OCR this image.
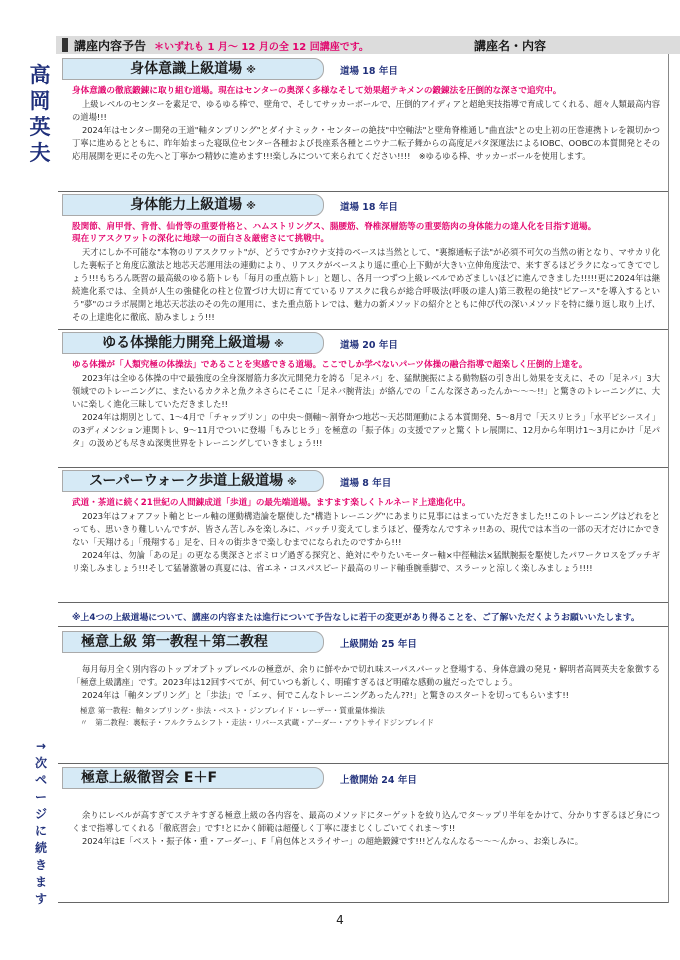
講座内容予告 ＊いずれも 1 月～ 12 月の全 12 回講座です。	講座名・内容
高
岡
英
夫
→
次
ペ
ー
ジ
に
続
き
ま
す
身体意識上級道場 ※	道場 18 年目
身体意識の徹底鍛錬に取り組む道場。現在はセンターの奥深く多様なそして効果超テキメンの鍛錬法を圧倒的な深さで追究中。

上級レベルのセンターを素足で、ゆるゆる棒で、壁角で、そしてサッカーボールで、圧倒的アイディアと超絶実技指導で育成してくれる、超々人類最高内容の道場!!!

2024年はセンター開発の王道"軸タンブリング"とダイナミック・センターの絶技"中空軸法"と壁角脊椎通し"曲直法"との史上初の圧巻連携トレを親切かつ丁寧に進めるとともに、昨年始まった寝臥位センター各種および長座系各種とニウナ二転子舞からの高度足パタ深運法によるIOBC、OOBCの本質開発とその応用展開を更にその先へと丁寧かつ精妙に進めます!!!楽しみについて来られてください!!!!　※ゆるゆる棒、サッカーボールを使用します。

身体能力上級道場 ※	道場 18 年目
股関節、肩甲骨、背骨、仙骨等の重要骨格と、ハムストリングス、腸腰筋、脊椎深層筋等の重要筋肉の身体能力の達人化を目指す道場。
現在リアスクワットの深化に地球一の面白さ＆厳密さにて挑戦中。

天才にしか不可能な"本物のリアスクワット"が、どうですか?ウナ支持のベースは当然として、"裏擦通転子法"が必須不可欠の当然の術となり、マサカリ化した裏転子と角度広激法と地芯天芯運用法の連動により、リアスクがベースより遥に重心上下動が大きい立伸角度法で、来すぎるほどラクになってきてでしょう!!!もちろん既習の最高級のゆる筋トレも「毎月の重点筋トレ」と題し、各月一つずつ上級レベルでめざましいほどに進んできました!!!!!更に2024年は継続進化系では、全員が人生の強健化の柱と位置づけ大切に育てているリアスクに我らが総合呼吸法(呼吸の達人)第三教程の絶技"ピアース"を導入するという"夢"のコラボ展開と地芯天芯法のその先の運用に、また重点筋トレでは、魅力の新メソッドの紹介とともに伸び代の深いメソッドを特に繰り返し取り上げ、その上達進化に徹底、励みましょう!!!

ゆる体操能力開発上級道場 ※	道場 20 年目
ゆる体操が「人類究極の体操法」であることを実感できる道場。ここでしか学べないパーツ体操の融合指導で超楽しく圧倒的上達を。

2023年は全ゆる体操の中で最強度の全身深層筋力多次元開発力を誇る「足ネバ」を、猛獣腕振による動物脳の引き出し効果を支えに、その「足ネバ」3大領域でのトレーニングに、またいるカクネと魚クネさらにそこに「足ネバ腕背法」が絡んでの「こんな深さあったんか～～～!!」と驚きのトレーニングに、大いに楽しく進化三昧していただきました!!

2024年は期別として、1～4月で「チャップリン」の中央～側軸～割脊かつ地芯～天芯間運動による本質開発、5～8月で「天スリヒラ」「水平ピシースイ」の3ディメンション連関トレ、9～11月でついに登場「もみじヒラ」を極意の「振子体」の支援でアッと驚くトレ展開に、12月から年明け1～3月にかけ「足パタ」の汲めども尽きぬ深奥世界をトレーニングしていきましょう!!!

スーパーウォーク歩道上級道場 ※	道場 8 年目
武道・茶道に続く21世紀の人間錬成道「歩道」の最先端道場。ますます楽しくトルネード上達進化中。

2023年はフォアフット軸とヒール軸の運動構造論を駆使した"構造トレーニング"にあまりに見事にはまっていただきました!!このトレーニングはどれをとっても、思いきり難しいんですが、皆さん苦しみを楽しみに、バッチリ変えてしまうほど、優秀なんですネッ!!あの、現代では本当の一部の天才だけにかできない「天翔ける」「飛翔する」足を、日々の街歩きで楽しむまでになられたのですから!!!

2024年は、勿論「あの足」の更なる奥深さとボミロゾ過ぎる探究と、絶対にやりたいモーター軸×中徑軸法×猛獣腕振を駆使したパワークロスをブッチギリ楽しみましょう!!!そして猛暑激暑の真夏には、省エネ・コスパスピード最高のリード軸垂腕垂脚で、スラーッと涼しく楽しみましょう!!!!

※上4つの上級道場について、講座の内容または進行について予告なしに若干の変更があり得ることを、ご了解いただくようお願いいたします。
極意上級 第一教程＋第二教程	上級開始 25 年目

毎月毎月全く別内容のトップオブトップレベルの極意が、余りに鮮やかで切れ味スーパスパーッと登場する、身体意識の発見・解明者高岡英夫を象徴する「極意上級講座」です。2023年は12回すべてが、何ていつも新しく、明確すぎるほど明確な感動の嵐だったでしょう。

2024年は「軸タンブリング」と「歩法」で「エッ、何でこんなトレーニングあったん??!」と驚きのスタートを切ってもらいます!!

極意 第一教程：軸タンブリング・歩法・ベスト・ジンブレイド・レーザー・質重量体操法
〃　第二教程：裏転子・フルクラムシフト・走法・リバース武蔵・アーダー・アウトサイドジンブレイド
極意上級徹習会 E＋F	上徹開始 24 年目

余りにレベルが高すぎてステキすぎる極意上級の各内容を、最高のメソッドにターゲットを絞り込んでタ～ップリ半年をかけて、分かりすぎるほど身につくまで指導してくれる「徹底習会」です!とにかく師範は超優しく丁寧に凄まじくしごいてくれま～す!!

2024年はE「ベスト・振子体・重・アーダー」、F「肩包体とスライサー」の超絶鍛錬です!!!どんなんなる～～～んかっ、お楽しみに。

4
